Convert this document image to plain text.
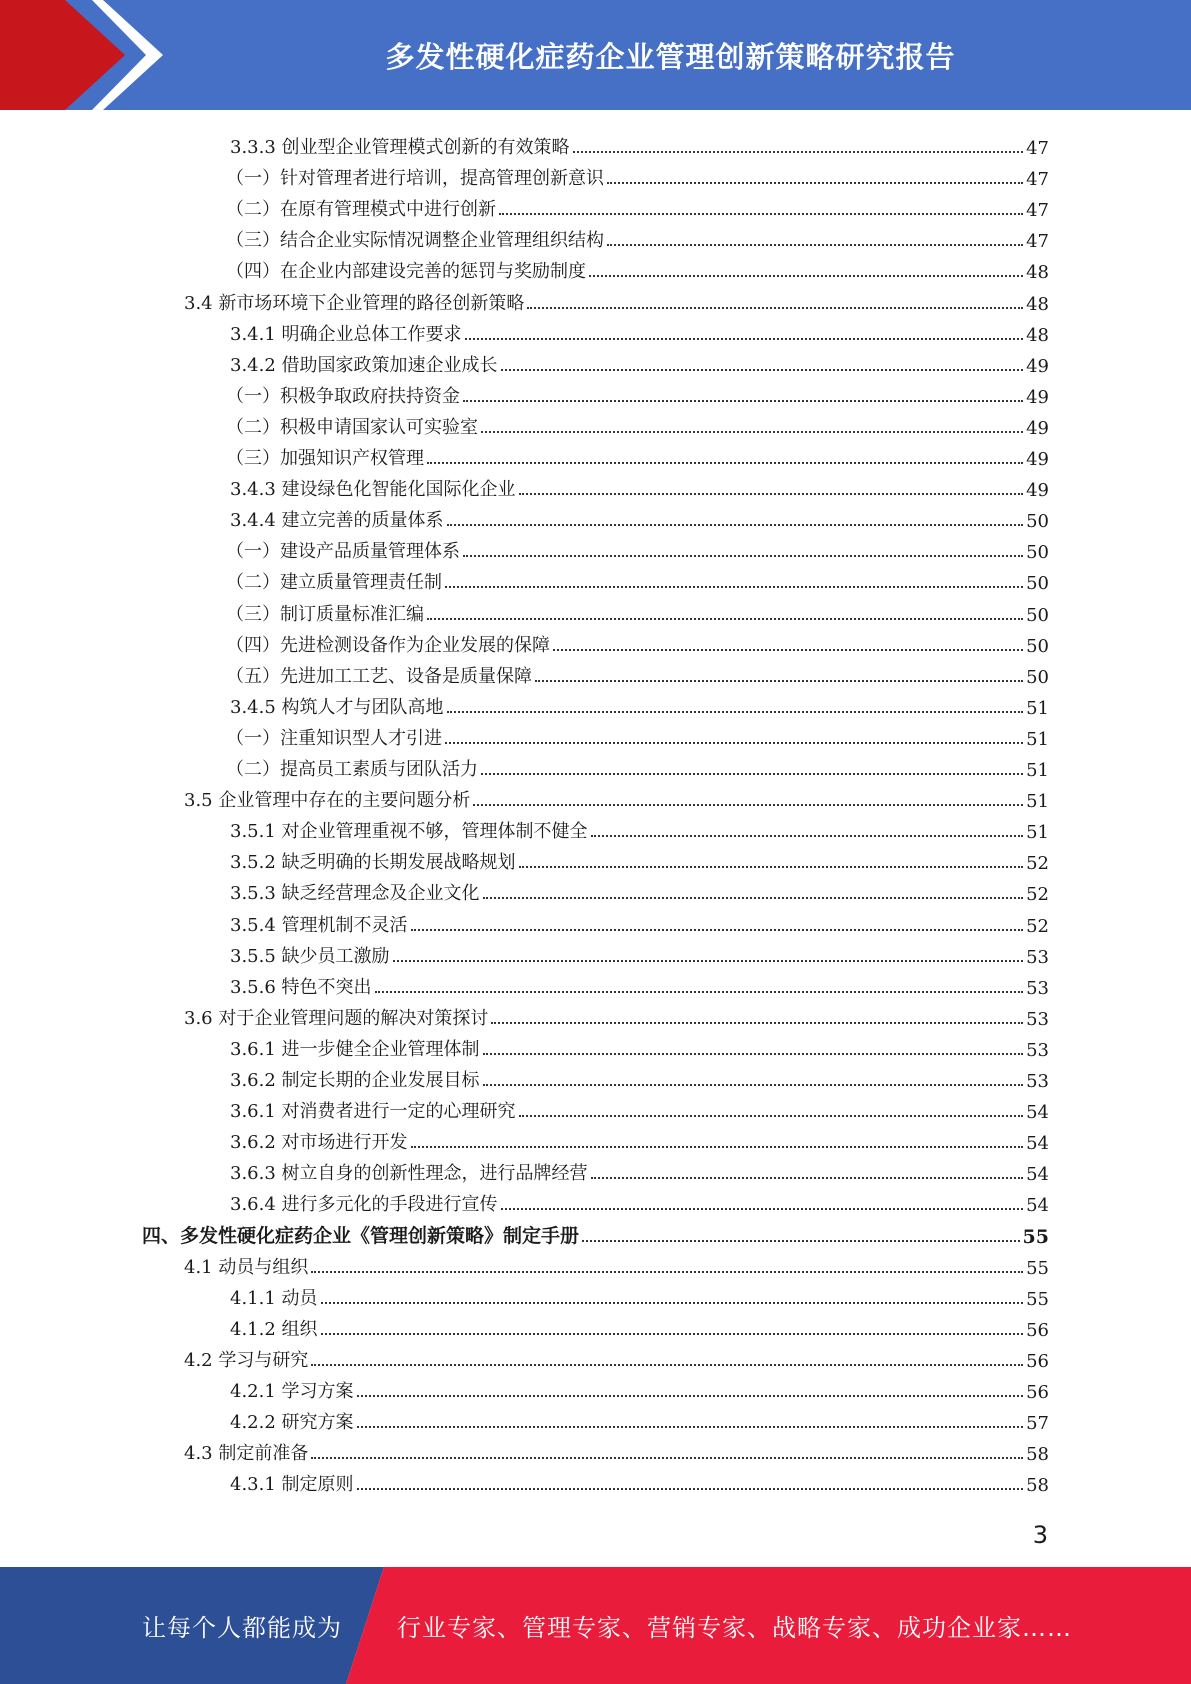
多发性硬化症药企业管理创新策略研究报告
3.3.3 创业型企业管理模式创新的有效策略	47
（一）针对管理者进行培训，提高管理创新意识	47
（二）在原有管理模式中进行创新	47
（三）结合企业实际情况调整企业管理组织结构	47
（四）在企业内部建设完善的惩罚与奖励制度	48
3.4 新市场环境下企业管理的路径创新策略	48
3.4.1 明确企业总体工作要求	48
3.4.2 借助国家政策加速企业成长	49
（一）积极争取政府扶持资金	49
（二）积极申请国家认可实验室	49
（三）加强知识产权管理	49
3.4.3 建设绿色化智能化国际化企业	49
3.4.4 建立完善的质量体系	50
（一）建设产品质量管理体系	50
（二）建立质量管理责任制	50
（三）制订质量标准汇编	50
（四）先进检测设备作为企业发展的保障	50
（五）先进加工工艺、设备是质量保障	50
3.4.5 构筑人才与团队高地	51
（一）注重知识型人才引进	51
（二）提高员工素质与团队活力	51
3.5 企业管理中存在的主要问题分析	51
3.5.1 对企业管理重视不够，管理体制不健全	51
3.5.2 缺乏明确的长期发展战略规划	52
3.5.3 缺乏经营理念及企业文化	52
3.5.4 管理机制不灵活	52
3.5.5 缺少员工激励	53
3.5.6 特色不突出	53
3.6 对于企业管理问题的解决对策探讨	53
3.6.1 进一步健全企业管理体制	53
3.6.2 制定长期的企业发展目标	53
3.6.1 对消费者进行一定的心理研究	54
3.6.2 对市场进行开发	54
3.6.3 树立自身的创新性理念，进行品牌经营	54
3.6.4 进行多元化的手段进行宣传	54
四、多发性硬化症药企业《管理创新策略》制定手册	55
4.1 动员与组织	55
4.1.1 动员	55
4.1.2 组织	56
4.2 学习与研究	56
4.2.1 学习方案	56
4.2.2 研究方案	57
4.3 制定前准备	58
4.3.1 制定原则	58
3
让每个人都能成为 行业专家、管理专家、营销专家、战略专家、成功企业家……
